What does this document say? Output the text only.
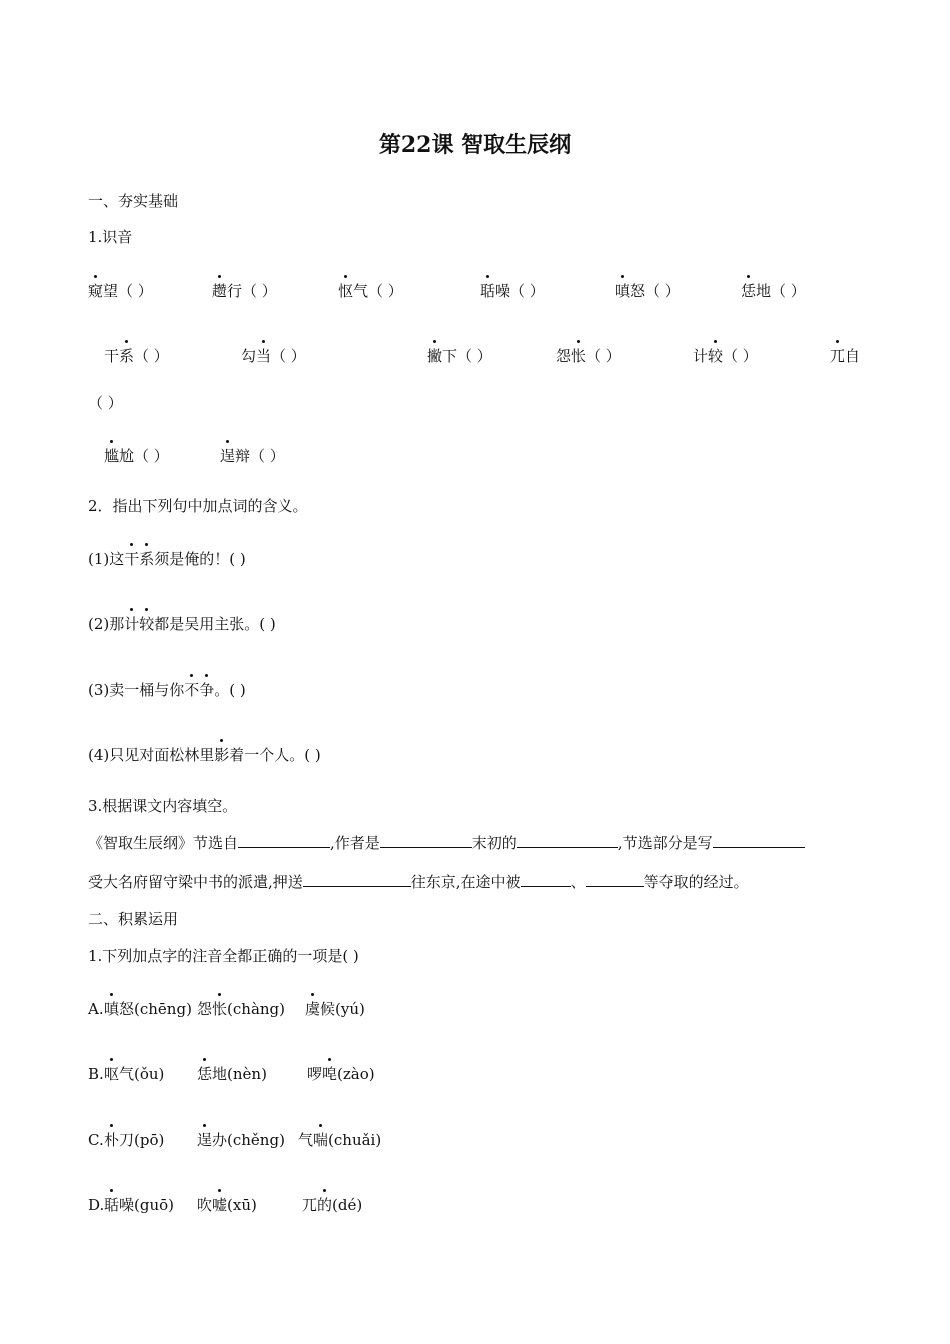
第22课 智取生辰纲
一、夯实基础
1.识音
窥望（ ）	趱行（ ）	怄气（ ）	聒噪（ ）	嗔怒（ ）	恁地（ ）
干系（ ）	勾当（ ）	撇下（ ）	怨怅（ ）	计较（ ）	兀自
（ ）
尴尬（ ）	逞辩（ ）
2．指出下列句中加点词的含义。
(1)这干系须是俺的！( )
(2)那计较都是吴用主张。( )
(3)卖一桶与你不争。( )
(4)只见对面松林里影着一个人。( )
3.根据课文内容填空。
《智取生辰纲》节选自	,作者是	末初的	,节选部分是写
受大名府留守梁中书的派遣,押送	往东京,在途中被	、	等夺取的经过。
二、积累运用
1.下列加点字的注音全都正确的一项是( )
A. 嗔怒(chēng) 怨怅(chàng) 虞候(yú)
B. 呕气(ǒu) 恁地(nèn)	啰唣(zào)
C. 朴刀(pō) 逞办(chěng) 气喘(chuǎi)
D. 聒噪(guō) 吹嘘(xū)	兀的(dé)
